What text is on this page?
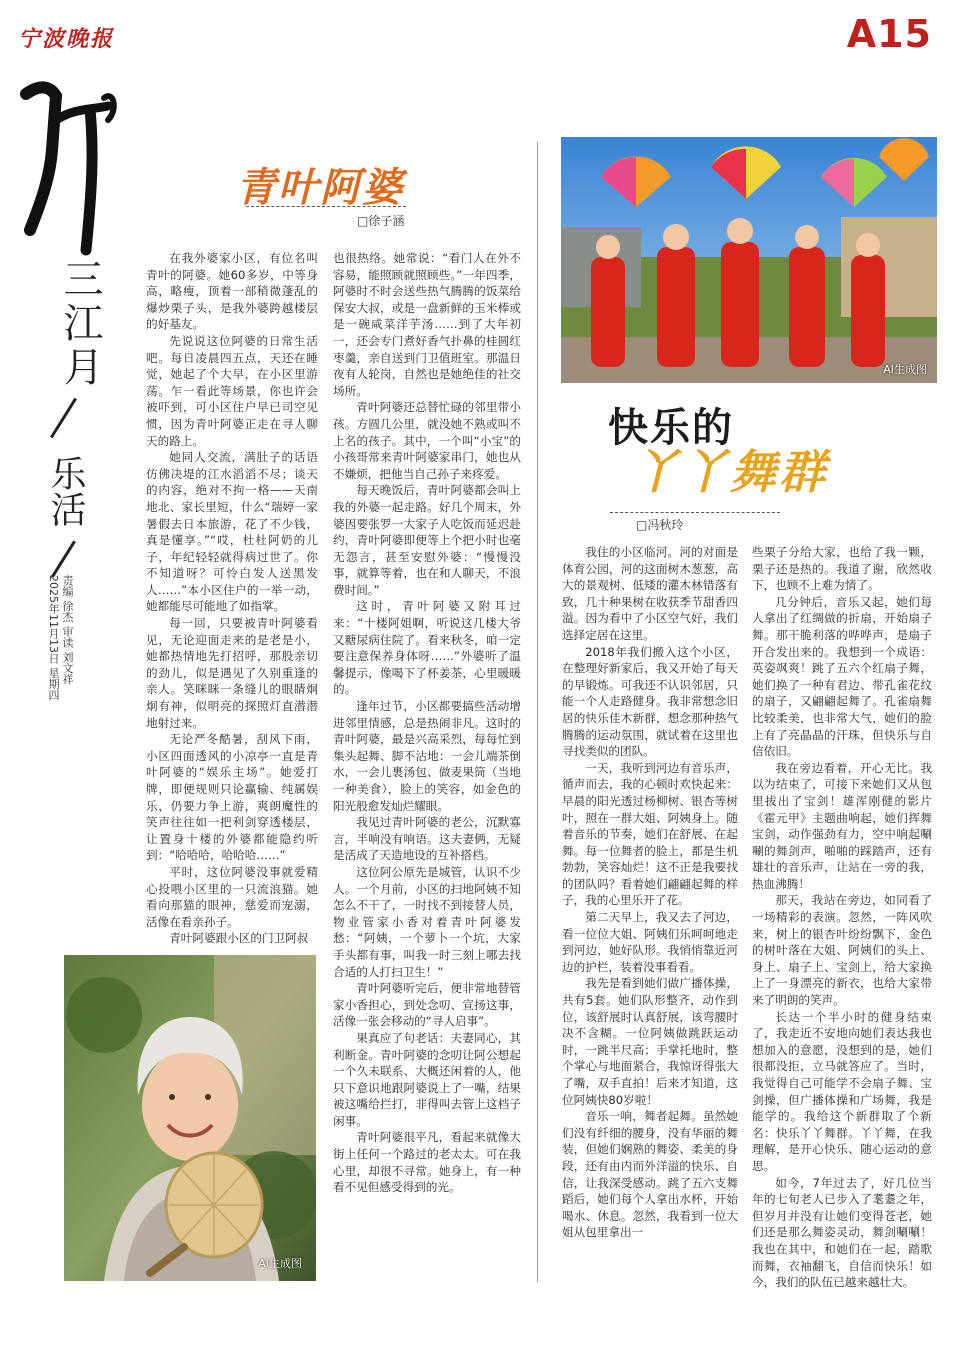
宁波晚报	A15
三江月
乐活
责编 徐杰 审读 刘文祥
2025年11月13日 星期四
青叶阿婆
□徐子涵

在我外婆家小区，有位名叫青叶的阿婆。她60多岁，中等身高，略瘦，顶着一部稍微蓬乱的爆炒栗子头，是我外婆跨越楼层的好基友。

先说说这位阿婆的日常生活吧。每日凌晨四五点，天还在睡觉，她起了个大早，在小区里游荡。乍一看此等场景，你也许会被吓到，可小区住户早已司空见惯，因为青叶阿婆正走在寻人聊天的路上。

她同人交流，满肚子的话语仿佛决堤的江水滔滔不尽；谈天的内容，绝对不拘一格——天南地北、家长里短，什么“瑞婷一家暑假去日本旅游，花了不少钱，真是懂享。”“哎，杜杜阿奶的儿子，年纪轻轻就得病过世了。你不知道呀？可怜白发人送黑发人……”本小区住户的一举一动，她都能尽可能地了如指掌。

每一回，只要被青叶阿婆看见，无论迎面走来的是老是小，她都热情地先打招呼，那股亲切的劲儿，似是遇见了久别重逢的亲人。笑眯眯一条缝儿的眼睛炯炯有神，似明亮的探照灯直潜潜地射过来。

无论严冬酷暑，刮风下雨，小区四面透风的小凉亭一直是青叶阿婆的“娱乐主场”。她爱打牌，即便规则只论赢输、纯属娱乐，仍要力争上游，爽朗魔性的笑声往往如一把利剑穿透楼层，让置身十楼的外婆都能隐约听到：“哈哈哈，哈哈哈……”

平时，这位阿婆没事就爱精心投喂小区里的一只流浪猫。她看向那猫的眼神，慈爱而宠溺，活像在看亲孙子。

青叶阿婆跟小区的门卫阿叔

也很热络。她常说：“看门人在外不容易，能照顾就照顾些。”一年四季，阿婆时不时会送些热气腾腾的饭菜给保安大叔，或是一盘新鲜的玉米棒或是一碗咸菜洋芋汤……到了大年初一，还会专门煮好香气扑鼻的桂圆红枣羹，亲自送到门卫值班室。那温日夜有人轮岗，自然也是她绝佳的社交场所。

青叶阿婆还总替忙碌的邻里带小孩。方圆几公里，就没她不熟或叫不上名的孩子。其中，一个叫“小宝”的小孩哥常来青叶阿婆家串门，她也从不嫌烦，把他当自己孙子来疼爱。

每天晚饭后，青叶阿婆都会叫上我的外婆一起走路。好几个周末，外婆因要张罗一大家子人吃饭而延迟赴约，青叶阿婆即便等上个把小时也毫无怨言，甚至安慰外婆：“慢慢没事，就算等着，也在和人聊天，不浪费时间。”

这时，青叶阿婆又附耳过来：“十楼阿姐啊，听说这几楼大爷又糖尿病住院了。看来秋冬，咱一定要注意保养身体呀……”外婆听了温馨提示，像喝下了杯姜茶，心里暖暖的。

逢年过节，小区都要搞些活动增进邻里情感，总是热闹非凡。这时的青叶阿婆，最是兴高采烈，每每忙到集头起舞、脚不沾地：一会儿端茶倒水，一会儿裹汤包、做麦果筒（当地一种美食），脸上的笑容，如金色的阳光般愈发灿烂耀眼。

我见过青叶阿婆的老公，沉默寡言，半响没有响语。这夫妻俩，无疑是活成了天造地设的互补搭档。

这位阿公原先是城管，认识不少人。一个月前，小区的扫地阿姨不知怎么不干了，一时找不到接替人员，物业管家小香对着青叶阿婆发愁：“阿姨，一个萝卜一个坑，大家手头都有事，叫我一时三刻上哪去找合适的人打扫卫生！”

青叶阿婆听完后，便非常地替管家小香担心，到处念叨、宣扬这事，活像一张会移动的“寻人启事”。

果真应了句老话：夫妻同心，其利断金。青叶阿婆的念叨让阿公想起一个久未联系、大概还闲着的人，他只下意识地跟阿婆说上了一嘴，结果被这嘴给拦打，非得叫去管上这档子闲事。

青叶阿婆很平凡，看起来就像大街上任何一个路过的老太太。可在我心里，却很不寻常。她身上，有一种看不见但感受得到的光。

AI生成图
AI生成图
快乐的
丫丫舞群
□冯秋玲

我住的小区临河。河的对面是体育公园，河的这面树木葱葱，高大的景观树、低矮的灌木林错落有致，几十种果树在收获季节甜香四溢。因为看中了小区空气好，我们选择定居在这里。

2018年我们搬入这个小区，在整理好新家后，我又开始了每天的早锻炼。可我还不认识邻居，只能一个人走路健身。我非常想念旧居的快乐佳木新群，想念那种热气腾腾的运动氛围，就试着在这里也寻找类似的团队。

一天，我听到河边有音乐声，循声而去，我的心顿时欢快起来：早晨的阳光透过杨柳树、银杏等树叶，照在一群大姐、阿姨身上。随着音乐的节奏，她们在舒展、在起舞。每一位舞者的脸上，都是生机勃勃，笑容灿烂！这不正是我要找的团队吗？看着她们翩翩起舞的样子，我的心里乐开了花。

第二天早上，我又去了河边，看一位位大姐、阿姨们乐呵呵地走到河边，她好队形。我悄悄靠近河边的护栏，装着没事看看。

我先是看到她们做广播体操，共有5套。她们队形整齐，动作到位，该舒展时认真舒展，该弯腰时决不含糊。一位阿姨做跳跃运动时，一跳半尺高；手掌托地时，整个掌心与地面紧合，我惊讶得张大了嘴，双手直拍！后来才知道，这位阿姨快80岁啦！

音乐一响，舞者起舞。虽然她们没有纤细的腰身，没有华丽的舞装，但她们娴熟的舞姿、柔美的身段，还有由内而外洋溢的快乐、自信，让我深受感动。跳了五六支舞蹈后，她们每个人拿出水杯，开始喝水、休息。忽然，我看到一位大姐从包里拿出一

些栗子分给大家，也给了我一颗，栗子还是热的。我道了谢，欣然收下，也顾不上难为情了。

几分钟后，音乐又起，她们每人拿出了红绸做的折扇，开始扇子舞。那干脆利落的哗哗声，是扇子开合发出来的。我想到一个成语：英姿飒爽！跳了五六个红扇子舞，她们换了一种有君边、带孔雀花纹的扇子，又翩翩起舞了。孔雀扇舞比较柔美，也非常大气，她们的脸上有了亮晶晶的汗珠，但快乐与自信依旧。

我在旁边看着，开心无比。我以为结束了，可接下来她们又从包里拔出了宝剑！雄浑刚健的影片《霍元甲》主题曲响起，她们挥舞宝剑，动作强劲有力，空中响起唰唰的舞剑声，啪啪的踩踏声，还有雄壮的音乐声，让站在一旁的我，热血沸腾！

那天，我站在旁边，如同看了一场精彩的表演。忽然，一阵风吹来，树上的银杏叶纷纷飘下，金色的树叶落在大姐、阿姨们的头上、身上、扇子上、宝剑上，给大家换上了一身漂亮的新衣，也给大家带来了明朗的笑声。

长达一个半小时的健身结束了，我走近不安地向她们表达我也想加入的意愿，没想到的是，她们很都没拒，立马就答应了。当时，我觉得自己可能学不会扇子舞、宝剑操，但广播体操和广场舞，我是能学的。我给这个新群取了个新名：快乐丫丫舞群。丫丫舞，在我理解，是开心快乐、随心运动的意思。

如今，7年过去了，好几位当年的七旬老人已步入了耄耋之年，但岁月并没有让她们变得苍老，她们还是那么舞姿灵动，舞剑唰唰！我也在其中，和她们在一起，踏歌而舞，衣袖翻飞，自信而快乐！如今，我们的队伍已越来越壮大。
